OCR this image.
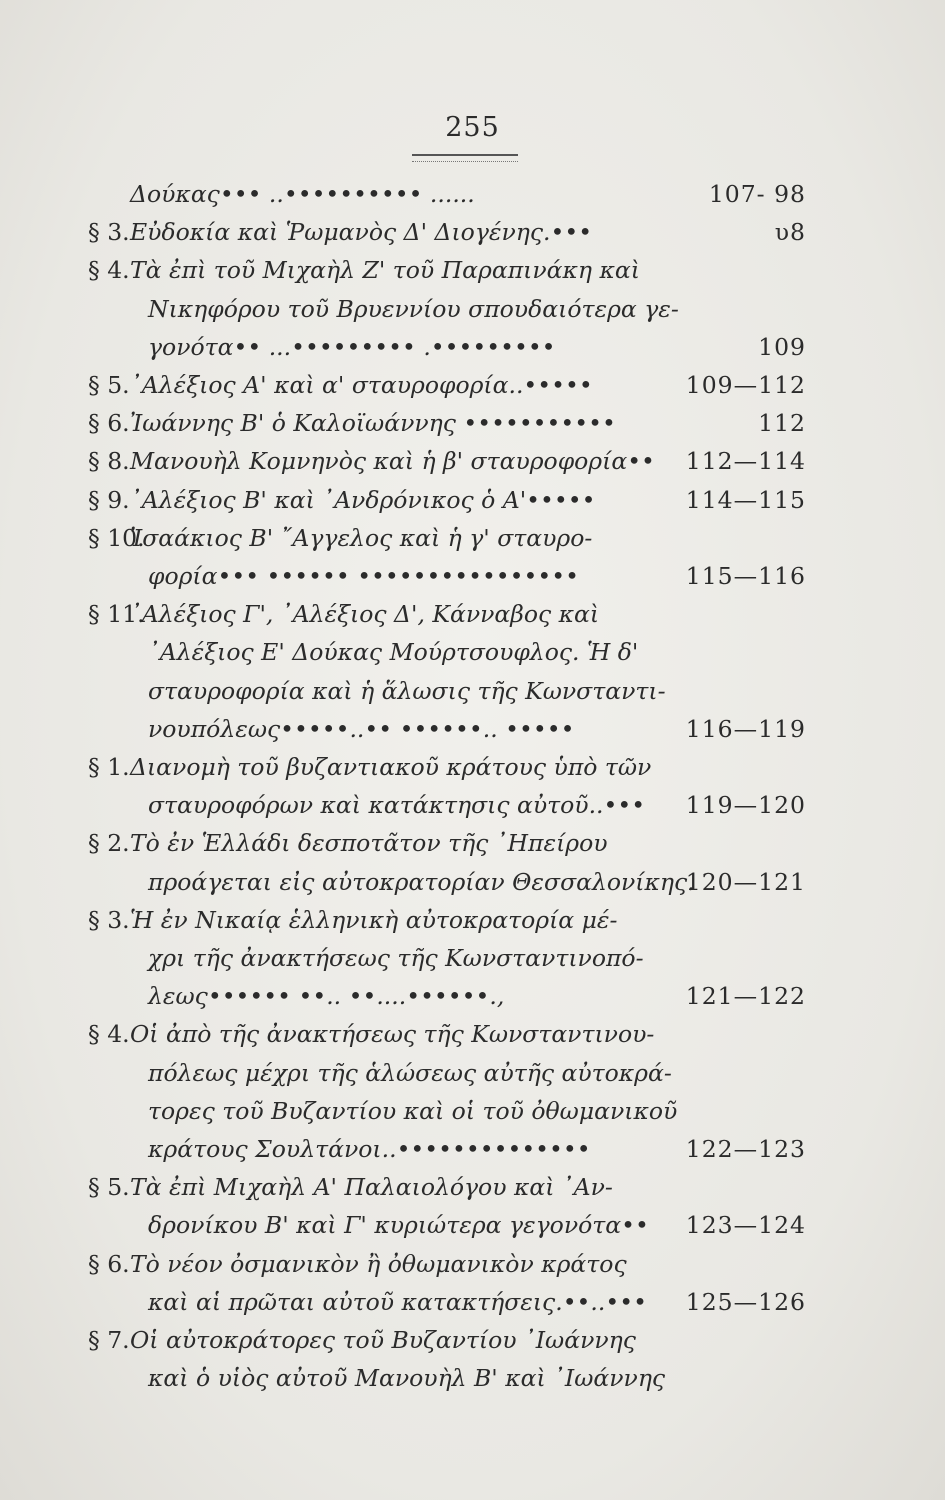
255
Δούκας••• ..•••••••••• ......	107- 98
§ 3. Εὐδοκία καὶ Ῥωμανὸς Δ' Διογένης.•••	υ8
§ 4. Τὰ ἐπὶ τοῦ Μιχαὴλ Ζ' τοῦ Παραπινάκη καὶ
Νικηφόρου τοῦ Βρυεννίου σπουδαιότερα γε-
γονότα•• ...••••••••• .•••••••••	109
§ 5. ᾽Αλέξιος Α' καὶ α' σταυροφορία..•••••	109—112
§ 6. Ἰωάννης Β' ὁ Καλοϊωάννης •••••••••••	112
§ 8. Μανουὴλ Κομνηνὸς καὶ ἡ β' σταυροφορία•• 112—114
§ 9. ᾽Αλέξιος Β' καὶ ᾽Ανδρόνικος ὁ Α'•••••	114—115
§ 10.
Ἰσαάκιος Β' ῎Αγγελος καὶ ἡ γ' σταυρο-
φορία••• •••••• ••••••••••••••••	115—116
§ 11.
᾽Αλέξιος Γ', ᾽Αλέξιος Δ', Κάνναβος καὶ
᾽Αλέξιος Ε' Δούκας Μούρτσουφλος. Ἡ δ'
σταυροφορία καὶ ἡ ἅλωσις τῆς Κωνσταντι-
νουπόλεως•••••..•• ••••••.. •••••	116—119
§ 1. Διανομὴ τοῦ βυζαντιακοῦ κράτους ὑπὸ τῶν
σταυροφόρων καὶ κατάκτησις αὐτοῦ..••• 119—120
§ 2. Τὸ ἐν Ἑλλάδι δεσποτᾶτον τῆς ᾽Ηπείρου
προάγεται εἰς αὐτοκρατορίαν Θεσσαλονίκης.
120—121
§ 3. Ἡ ἐν Νικαίᾳ ἑλληνικὴ αὐτοκρατορία μέ-
χρι τῆς ἀνακτήσεως τῆς Κωνσταντινοπό-
λεως•••••• ••.. ••....••••••.,	121—122
§ 4. Οἱ ἀπὸ τῆς ἀνακτήσεως τῆς Κωνσταντινου-
πόλεως μέχρι τῆς ἁλώσεως αὐτῆς αὐτοκρά-
τορες τοῦ Βυζαντίου καὶ οἱ τοῦ ὀθωμανικοῦ
κράτους Σουλτάνοι..••••••••••••••	122—123
§ 5. Τὰ ἐπὶ Μιχαὴλ Α' Παλαιολόγου καὶ ᾽Αν-
δρονίκου Β' καὶ Γ' κυριώτερα γεγονότα•• 123—124
§ 6. Τὸ νέον ὀσμανικὸν ἢ ὀθωμανικὸν κράτος
καὶ αἱ πρῶται αὐτοῦ κατακτήσεις.••..••• 125—126
§ 7. Οἱ αὐτοκράτορες τοῦ Βυζαντίου ᾽Ιωάννης
καὶ ὁ υἱὸς αὐτοῦ Μανουὴλ Β' καὶ ᾽Ιωάννης
